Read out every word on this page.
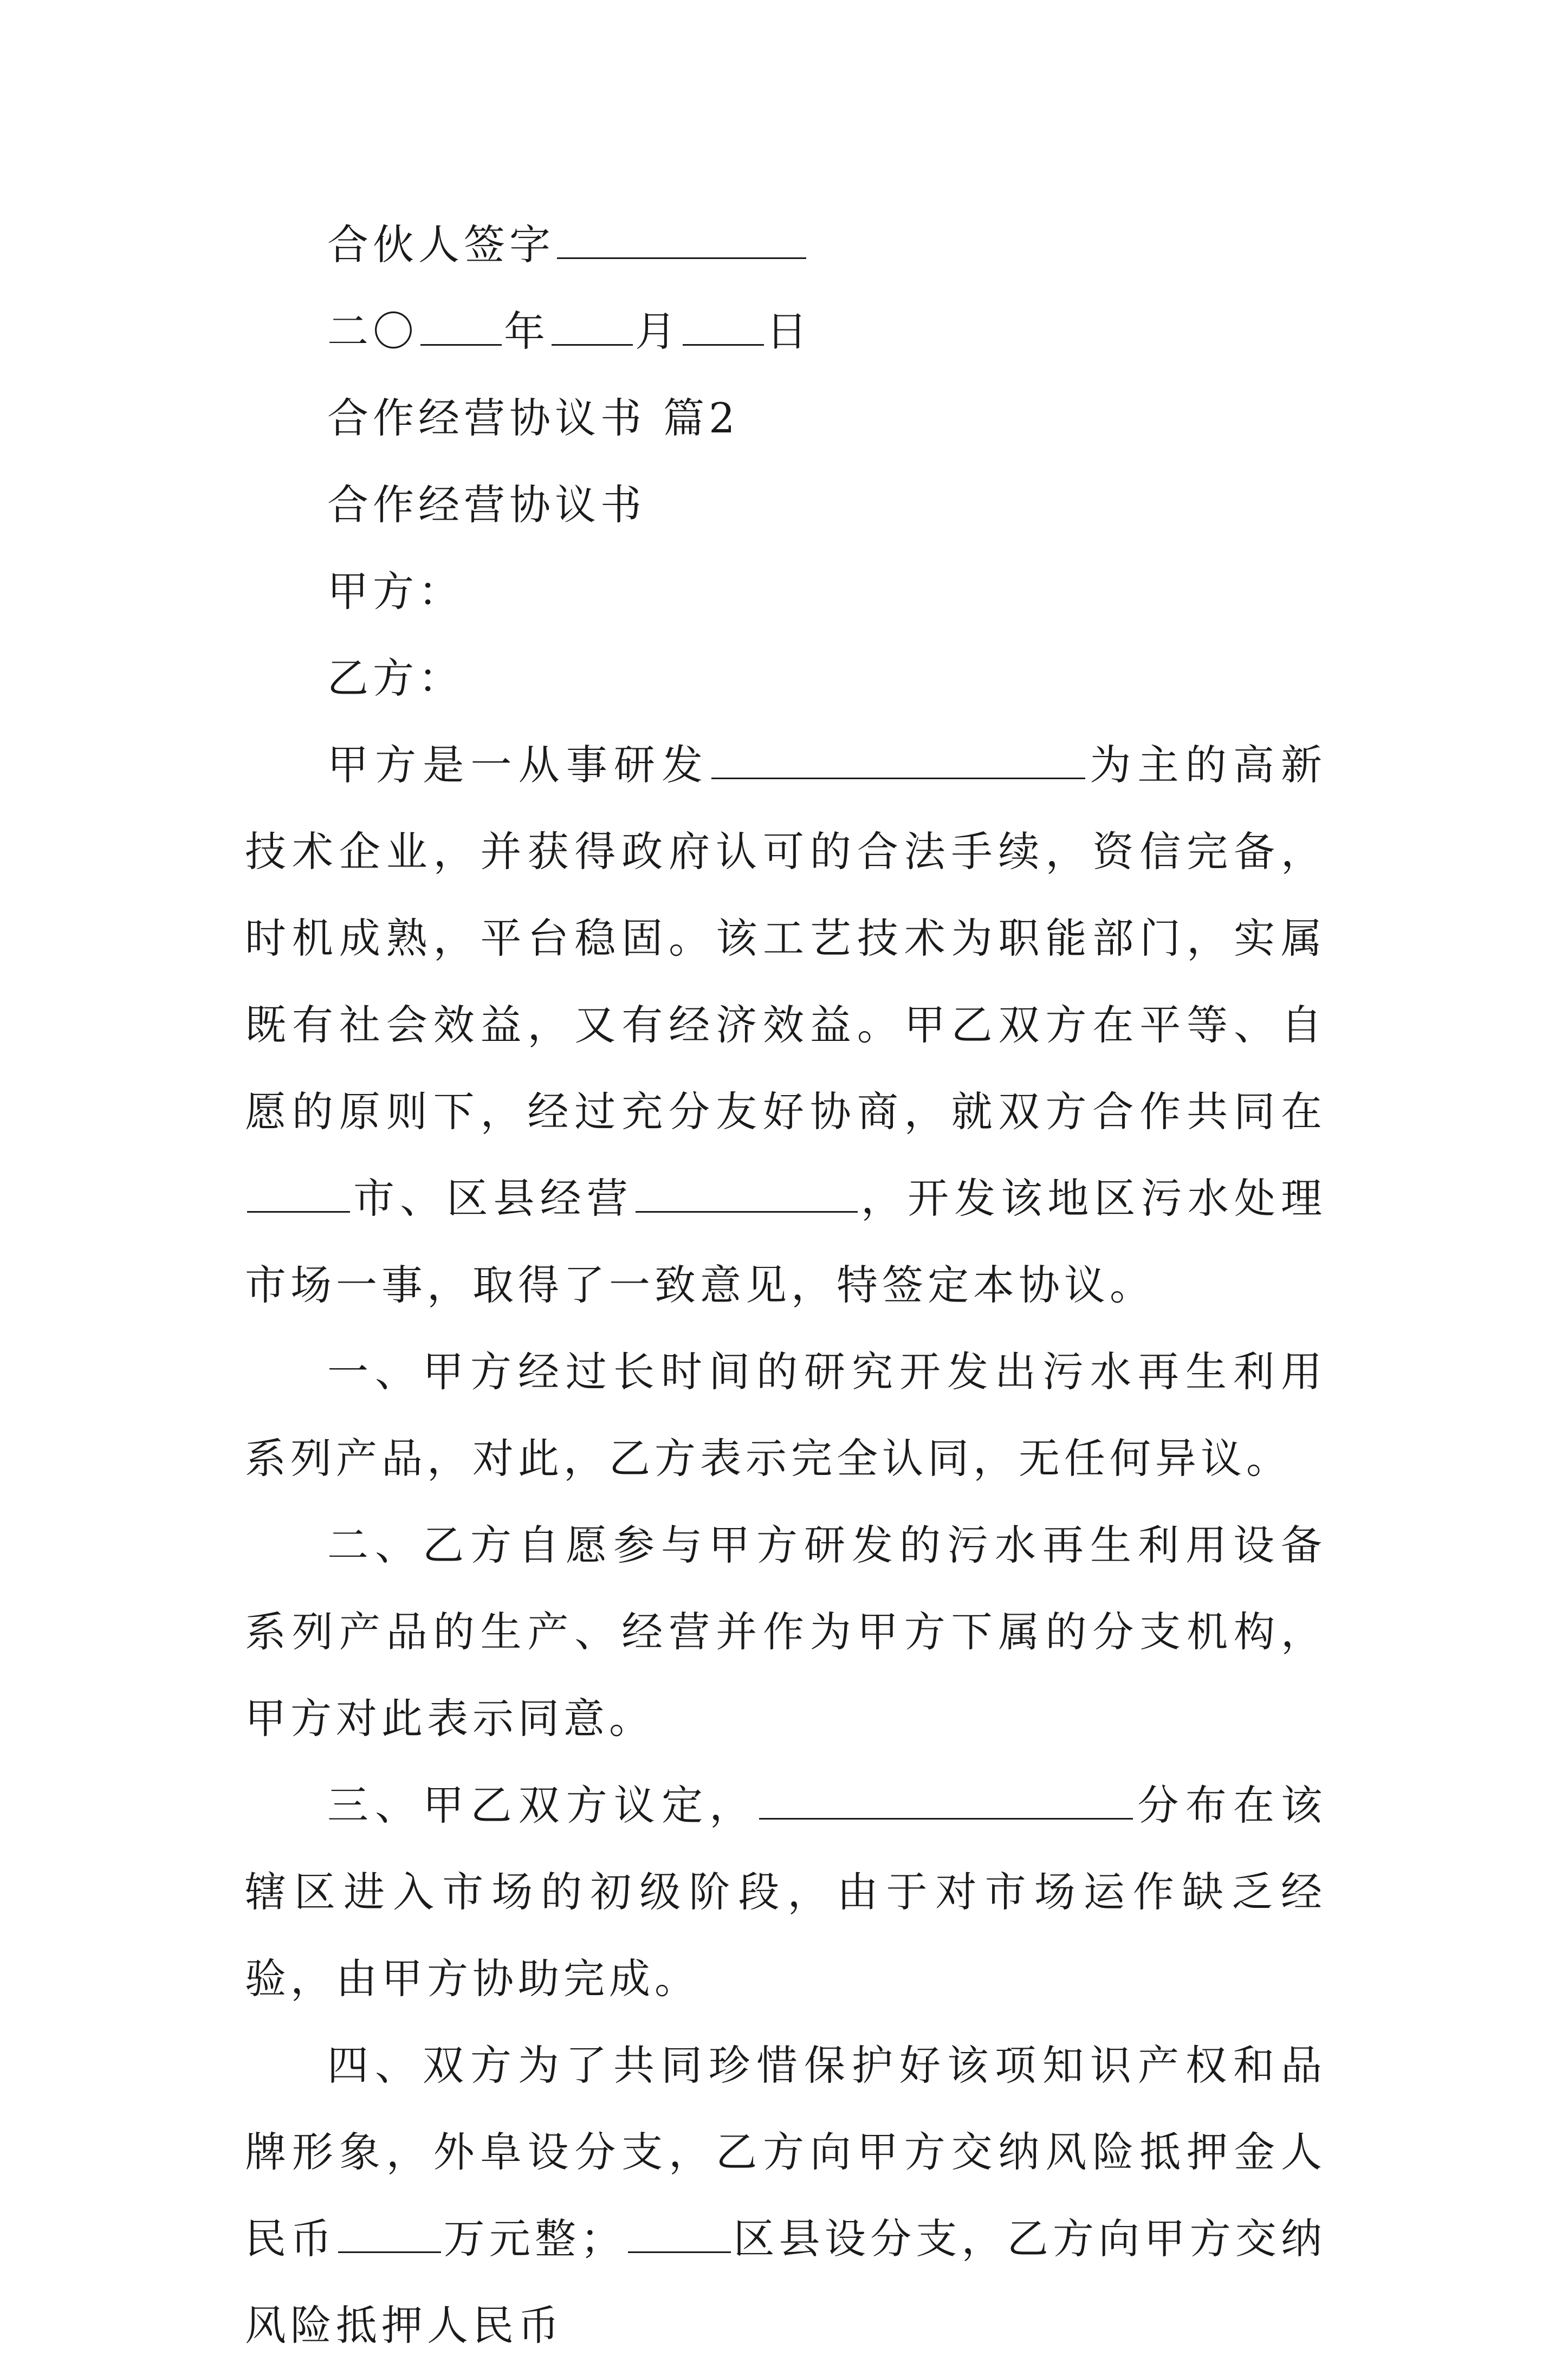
合伙人签字

二〇 年 月 日

合作经营协议书 篇2

合作经营协议书

甲方：

乙方：

甲方是一从事研发	为主的高新技术企业，并获得政府认可的合法手续，资信完备，时机成熟，平台稳固。该工艺技术为职能部门，实属既有社会效益，又有经济效益。甲乙双方在平等、自愿的原则下，经过充分友好协商，就双方合作共同在市、区县经营	，开发该地区污水处理市场一事，取得了一致意见，特签定本协议。

一、甲方经过长时间的研究开发出污水再生利用系列产品，对此，乙方表示完全认同，无任何异议。

二、乙方自愿参与甲方研发的污水再生利用设备系列产品的生产、经营并作为甲方下属的分支机构，甲方对此表示同意。

三、甲乙双方议定，	分布在该辖区进入市场的初级阶段，由于对市场运作缺乏经验，由甲方协助完成。

四、双方为了共同珍惜保护好该项知识产权和品牌形象，外阜设分支，乙方向甲方交纳风险抵押金人民币	万元整；	区县设分支，乙方向甲方交纳风险抵押人民币
